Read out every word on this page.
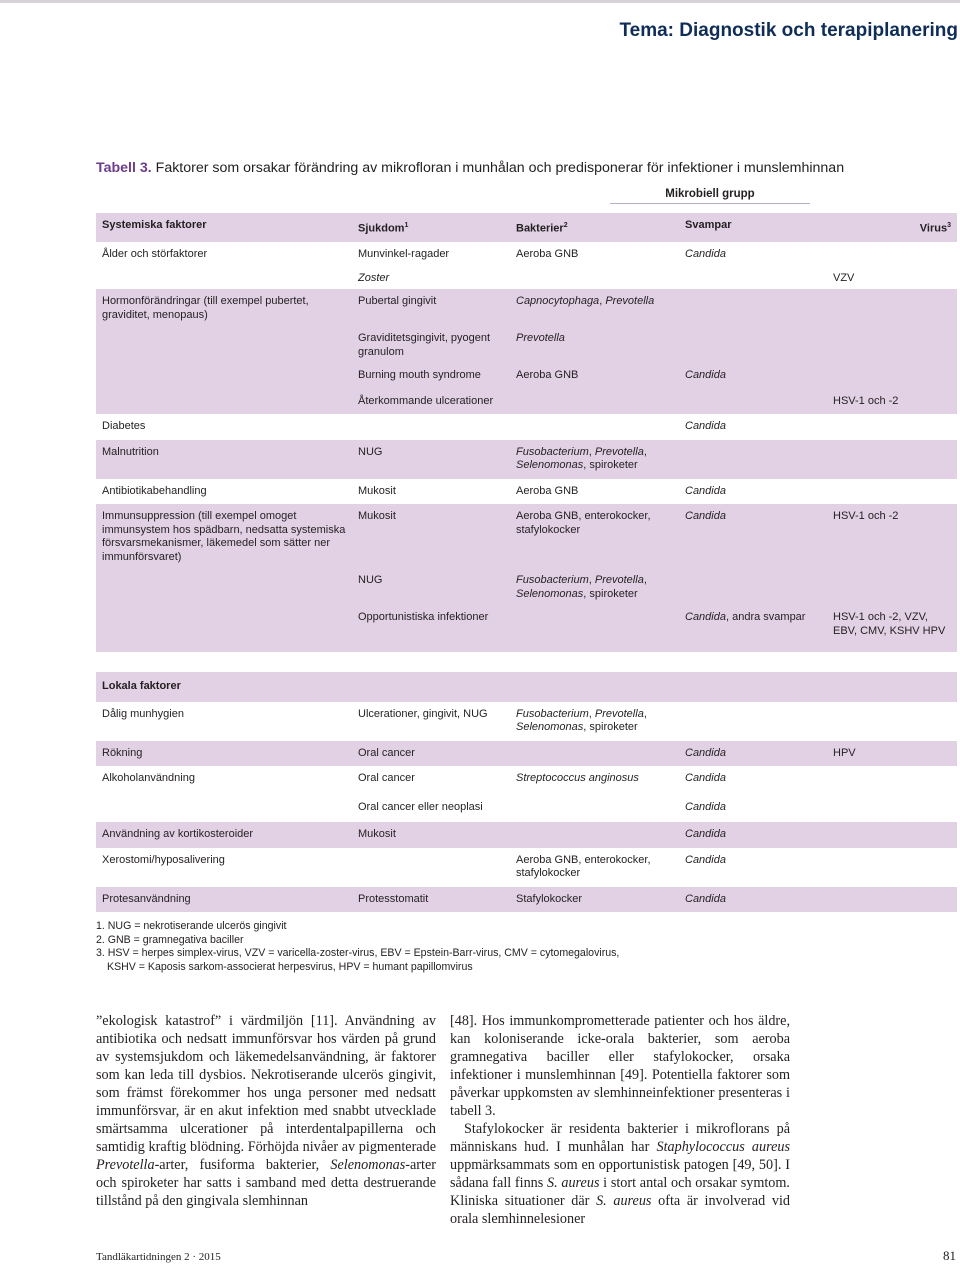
Tema: Diagnostik och terapiplanering
Tabell 3. Faktorer som orsakar förändring av mikrofloran i munhålan och predisponerar för infektioner i munslemhinnan
Mikrobiell grupp
Systemiska faktorer	Sjukdom$^1$	Bakterier$^2$	Svampar	Virus$^3$
Ålder och störfaktorer	Munvinkel-ragader	Aeroba GNB	Candida	
	Zoster			VZV
Hormonförändringar (till exempel pubertet, graviditet, menopaus)	Pubertal gingivit	Capnocytophaga, Prevotella		
	Graviditetsgingivit, pyogent granulom	Prevotella		
	Burning mouth syndrome	Aeroba GNB	Candida	
	Återkommande ulcerationer			HSV-1 och -2
Diabetes			Candida	
Malnutrition	NUG	Fusobacterium, Prevotella, Selenomonas, spiroketer		
Antibiotikabehandling	Mukosit	Aeroba GNB	Candida	
Immunsuppression (till exempel omoget immunsystem hos spädbarn, nedsatta systemiska försvarsmekanismer, läkemedel som sätter ner immunförsvaret)	Mukosit	Aeroba GNB, enterokocker, stafylokocker	Candida	HSV-1 och -2
	NUG	Fusobacterium, Prevotella, Selenomonas, spiroketer		
	Opportunistiska infektioner		Candida, andra svampar	HSV-1 och -2, VZV, EBV, CMV, KSHV HPV
Lokala faktorer				
Dålig munhygien	Ulcerationer, gingivit, NUG	Fusobacterium, Prevotella, Selenomonas, spiroketer		
Rökning	Oral cancer		Candida	HPV
Alkoholanvändning	Oral cancer	Streptococcus anginosus	Candida	
	Oral cancer eller neoplasi		Candida	
Användning av kortikosteroider	Mukosit		Candida	
Xerostomi/hyposalivering		Aeroba GNB, enterokocker, stafylokocker	Candida	
Protesanvändning	Protesstomatit	Stafylokocker	Candida	
1. NUG = nekrotiserande ulcerös gingivit
2. GNB = gramnegativa baciller
3. HSV = herpes simplex-virus, VZV = varicella-zoster-virus, EBV = Epstein-Barr-virus, CMV = cytomegalovirus,
KSHV = Kaposis sarkom-associerat herpesvirus, HPV = humant papillomvirus

”ekologisk katastrof” i värdmiljön [11]. Användning av antibiotika och nedsatt immunförsvar hos värden på grund av systemsjukdom och läkemedelsanvändning, är faktorer som kan leda till dysbios. Nekrotiserande ulcerös gingivit, som främst förekommer hos unga personer med nedsatt immunförsvar, är en akut infektion med snabbt utvecklade smärtsamma ulcerationer på interdentalpapillerna och samtidig kraftig blödning. Förhöjda nivåer av pigmenterade Prevotella-arter, fusiforma bakterier, Selenomonas-arter och spiroketer har satts i samband med detta destruerande tillstånd på den gingivala slemhinnan

[48]. Hos immunkomprometterade patienter och hos äldre, kan koloniserande icke-orala bakterier, som aeroba gramnegativa baciller eller stafylokocker, orsaka infektioner i munslemhinnan [49]. Potentiella faktorer som påverkar uppkomsten av slemhinneinfektioner presenteras i tabell 3.

Stafylokocker är residenta bakterier i mikroflorans på människans hud. I munhålan har Staphylococcus aureus uppmärksammats som en opportunistisk patogen [49, 50]. I sådana fall finns S. aureus i stort antal och orsakar symtom. Kliniska situationer där S. aureus ofta är involverad vid orala slemhinnelesioner

Tandläkartidningen 2 · 2015	81
